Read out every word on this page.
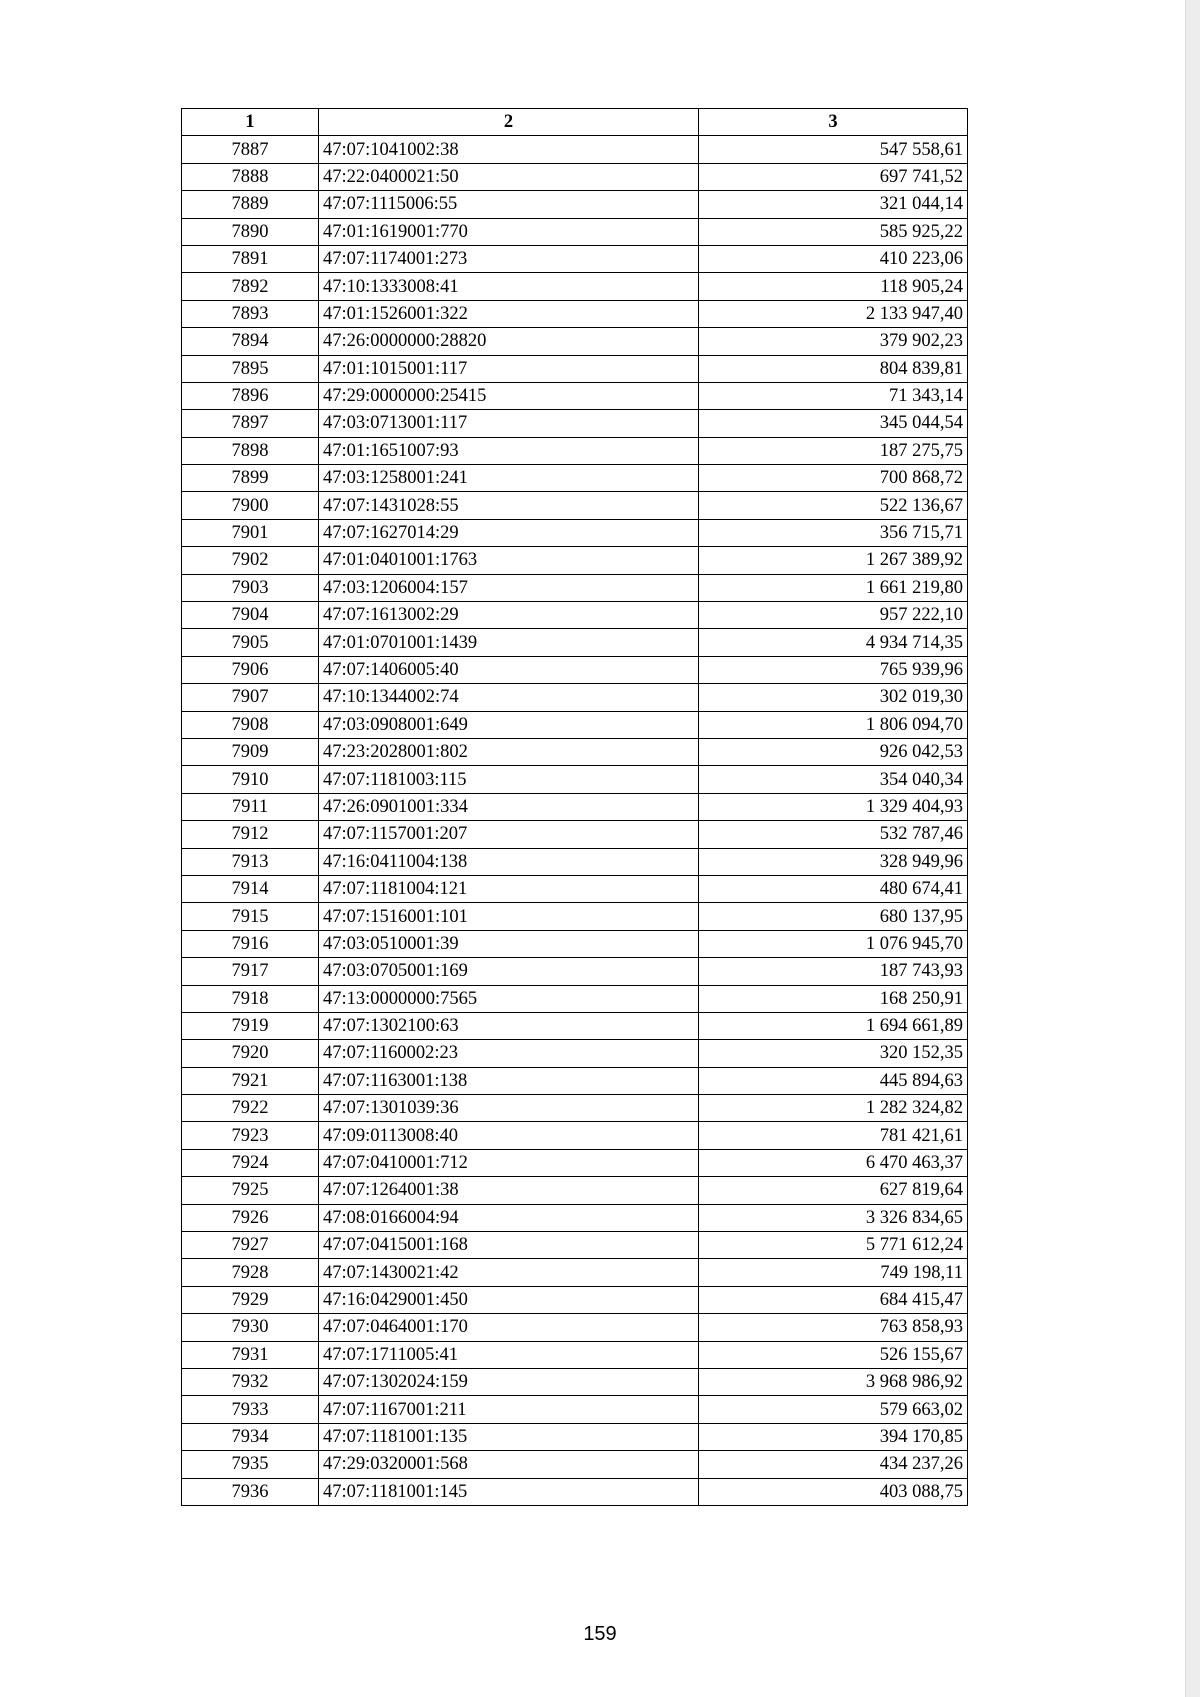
1	2	3
7887	47:07:1041002:38	547 558,61
7888	47:22:0400021:50	697 741,52
7889	47:07:1115006:55	321 044,14
7890	47:01:1619001:770	585 925,22
7891	47:07:1174001:273	410 223,06
7892	47:10:1333008:41	118 905,24
7893	47:01:1526001:322	2 133 947,40
7894	47:26:0000000:28820	379 902,23
7895	47:01:1015001:117	804 839,81
7896	47:29:0000000:25415	71 343,14
7897	47:03:0713001:117	345 044,54
7898	47:01:1651007:93	187 275,75
7899	47:03:1258001:241	700 868,72
7900	47:07:1431028:55	522 136,67
7901	47:07:1627014:29	356 715,71
7902	47:01:0401001:1763	1 267 389,92
7903	47:03:1206004:157	1 661 219,80
7904	47:07:1613002:29	957 222,10
7905	47:01:0701001:1439	4 934 714,35
7906	47:07:1406005:40	765 939,96
7907	47:10:1344002:74	302 019,30
7908	47:03:0908001:649	1 806 094,70
7909	47:23:2028001:802	926 042,53
7910	47:07:1181003:115	354 040,34
7911	47:26:0901001:334	1 329 404,93
7912	47:07:1157001:207	532 787,46
7913	47:16:0411004:138	328 949,96
7914	47:07:1181004:121	480 674,41
7915	47:07:1516001:101	680 137,95
7916	47:03:0510001:39	1 076 945,70
7917	47:03:0705001:169	187 743,93
7918	47:13:0000000:7565	168 250,91
7919	47:07:1302100:63	1 694 661,89
7920	47:07:1160002:23	320 152,35
7921	47:07:1163001:138	445 894,63
7922	47:07:1301039:36	1 282 324,82
7923	47:09:0113008:40	781 421,61
7924	47:07:0410001:712	6 470 463,37
7925	47:07:1264001:38	627 819,64
7926	47:08:0166004:94	3 326 834,65
7927	47:07:0415001:168	5 771 612,24
7928	47:07:1430021:42	749 198,11
7929	47:16:0429001:450	684 415,47
7930	47:07:0464001:170	763 858,93
7931	47:07:1711005:41	526 155,67
7932	47:07:1302024:159	3 968 986,92
7933	47:07:1167001:211	579 663,02
7934	47:07:1181001:135	394 170,85
7935	47:29:0320001:568	434 237,26
7936	47:07:1181001:145	403 088,75
159
